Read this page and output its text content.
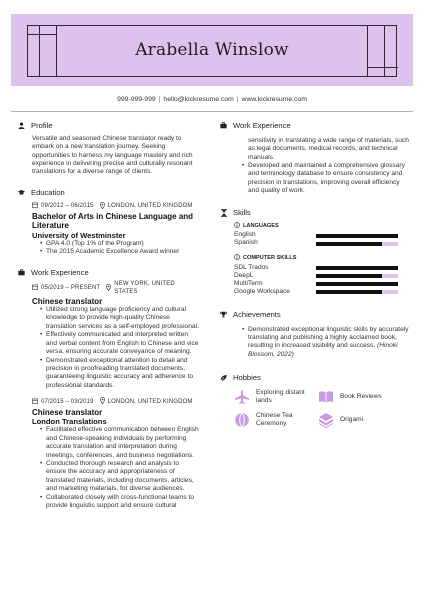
Arabella Winslow
999-999-999 | hello@kickresume.com | www.kickresume.com
Profile
Versatile and seasoned Chinese translator ready to embark on a new translation journey. Seeking opportunities to harness my language mastery and rich experience in delivering precise and culturally resonant translations for a diverse range of clients.
Education
09/2012 – 06/2015 LONDON, UNITED KINGDOM
Bachelor of Arts in Chinese Language and Literature
University of Westminster
• GPA 4.0 (Top 1% of the Program)
• The 2015 Academic Excellence Award winner
Work Experience
05/2019 – PRESENT
NEW YORK, UNITED STATES
Chinese translator
• Utilized strong language proficiency and cultural knowledge to provide high-quality Chinese translation services as a self-employed professional.
• Effectively communicated and interpreted written and verbal content from English to Chinese and vice versa, ensuring accurate conveyance of meaning.
• Demonstrated exceptional attention to detail and precision in proofreading translated documents, guaranteeing linguistic accuracy and adherence to professional standards.
07/2015 – 03/2019 LONDON, UNITED KINGDOM
Chinese translator
London Translations
• Facilitated effective communication between English and Chinese-speaking individuals by performing accurate translation and interpretation during meetings, conferences, and business negotiations.
• Conducted thorough research and analysis to ensure the accuracy and appropriateness of translated materials, including documents, articles, and marketing materials, for diverse audiences.
• Collaborated closely with cross-functional teams to provide linguistic support and ensure cultural
Work Experience
sensitivity in translating a wide range of materials, such as legal documents, medical records, and technical manuals.
• Developed and maintained a comprehensive glossary and terminology database to ensure consistency and precision in translations, improving overall efficiency and quality of work.
Skills
LANGUAGES
English
Spanish
COMPUTER SKILLS
SDL Trados
DeepL
MultiTerm
Google Workspace
Achievements
• Demonstrated exceptional linguistic skills by accurately translating and publishing a highly acclaimed book, resulting in increased visibility and success. (Hinoki Blossom, 2022)
Hobbies
Exploring distant lands
Book Reviews
Chinese Tea Ceremony
Origami
